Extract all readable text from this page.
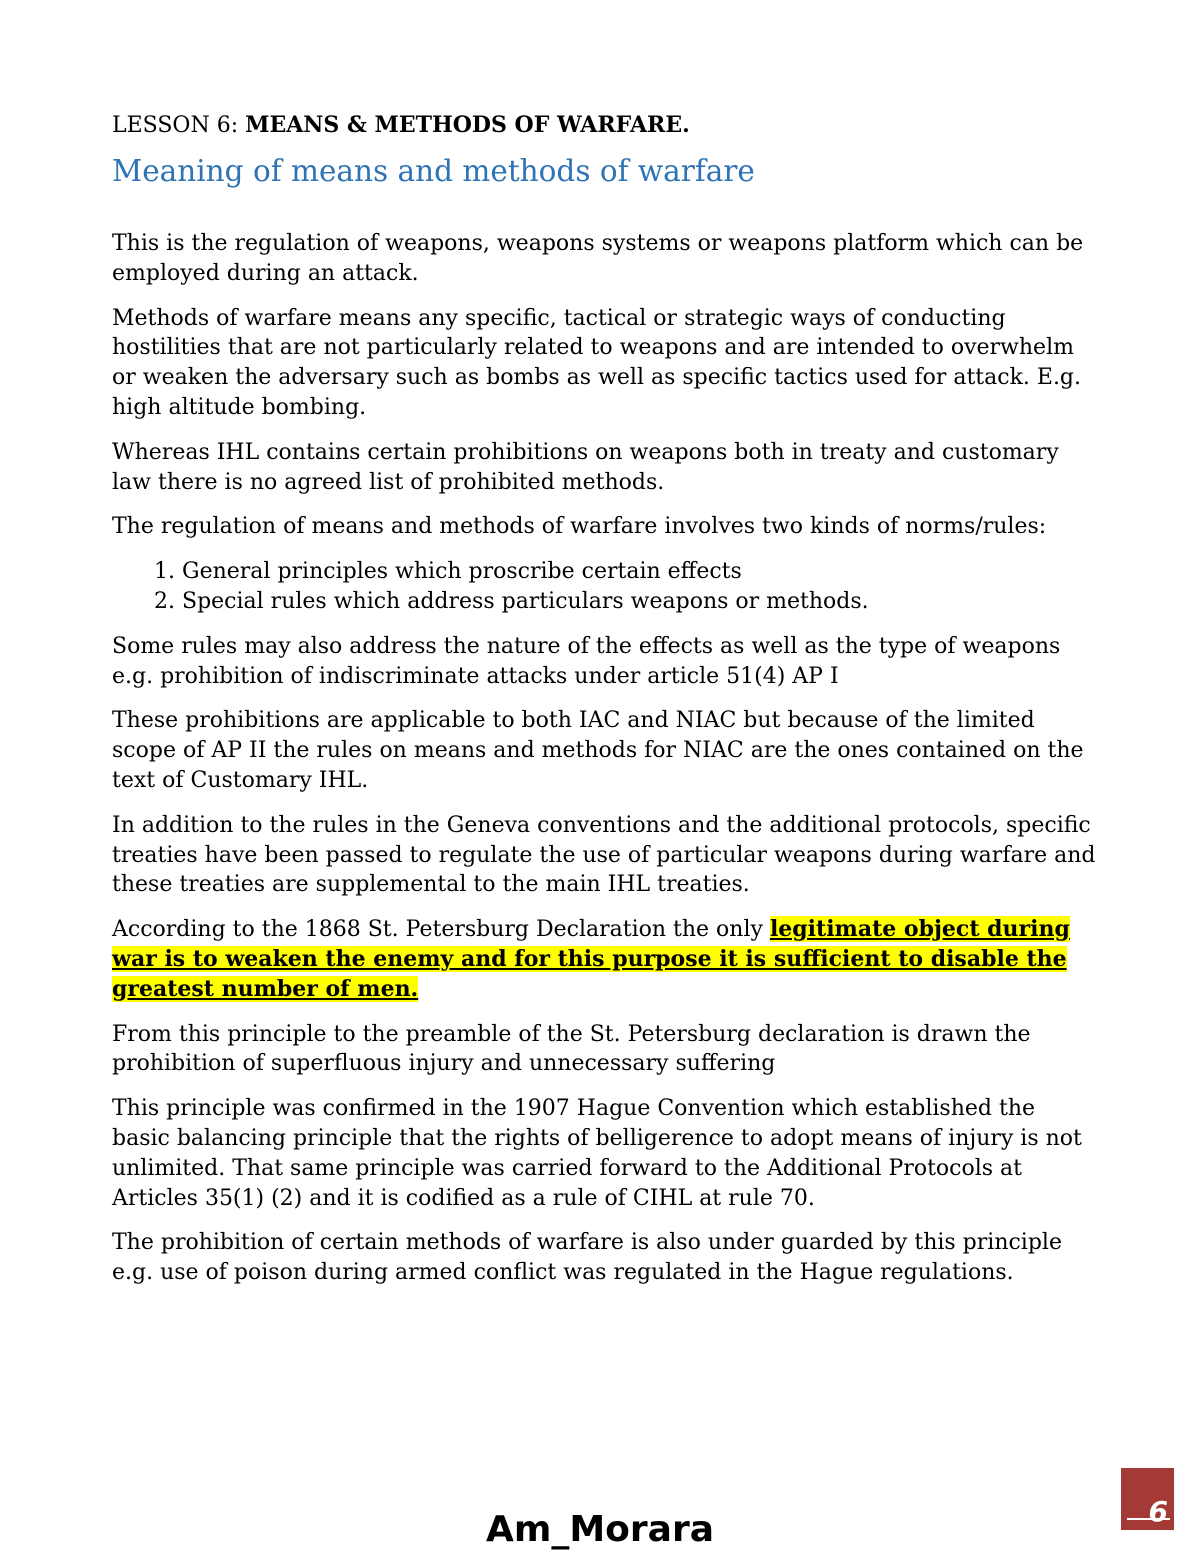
LESSON 6: MEANS & METHODS OF WARFARE.
Meaning of means and methods of warfare

This is the regulation of weapons, weapons systems or weapons platform which can be employed during an attack.

Methods of warfare means any specific, tactical or strategic ways of conducting hostilities that are not particularly related to weapons and are intended to overwhelm or weaken the adversary such as bombs as well as specific tactics used for attack. E.g. high altitude bombing.

Whereas IHL contains certain prohibitions on weapons both in treaty and customary law there is no agreed list of prohibited methods.

The regulation of means and methods of warfare involves two kinds of norms/rules:

1. General principles which proscribe certain effects
2. Special rules which address particulars weapons or methods.

Some rules may also address the nature of the effects as well as the type of weapons e.g. prohibition of indiscriminate attacks under article 51(4) AP I

These prohibitions are applicable to both IAC and NIAC but because of the limited scope of AP II the rules on means and methods for NIAC are the ones contained on the text of Customary IHL.

In addition to the rules in the Geneva conventions and the additional protocols, specific treaties have been passed to regulate the use of particular weapons during warfare and these treaties are supplemental to the main IHL treaties.

According to the 1868 St. Petersburg Declaration the only legitimate object during war is to weaken the enemy and for this purpose it is sufficient to disable the greatest number of men.

From this principle to the preamble of the St. Petersburg declaration is drawn the prohibition of superfluous injury and unnecessary suffering

This principle was confirmed in the 1907 Hague Convention which established the basic balancing principle that the rights of belligerence to adopt means of injury is not unlimited. That same principle was carried forward to the Additional Protocols at Articles 35(1) (2) and it is codified as a rule of CIHL at rule 70.

The prohibition of certain methods of warfare is also under guarded by this principle e.g. use of poison during armed conflict was regulated in the Hague regulations.

6
Am_Morara
